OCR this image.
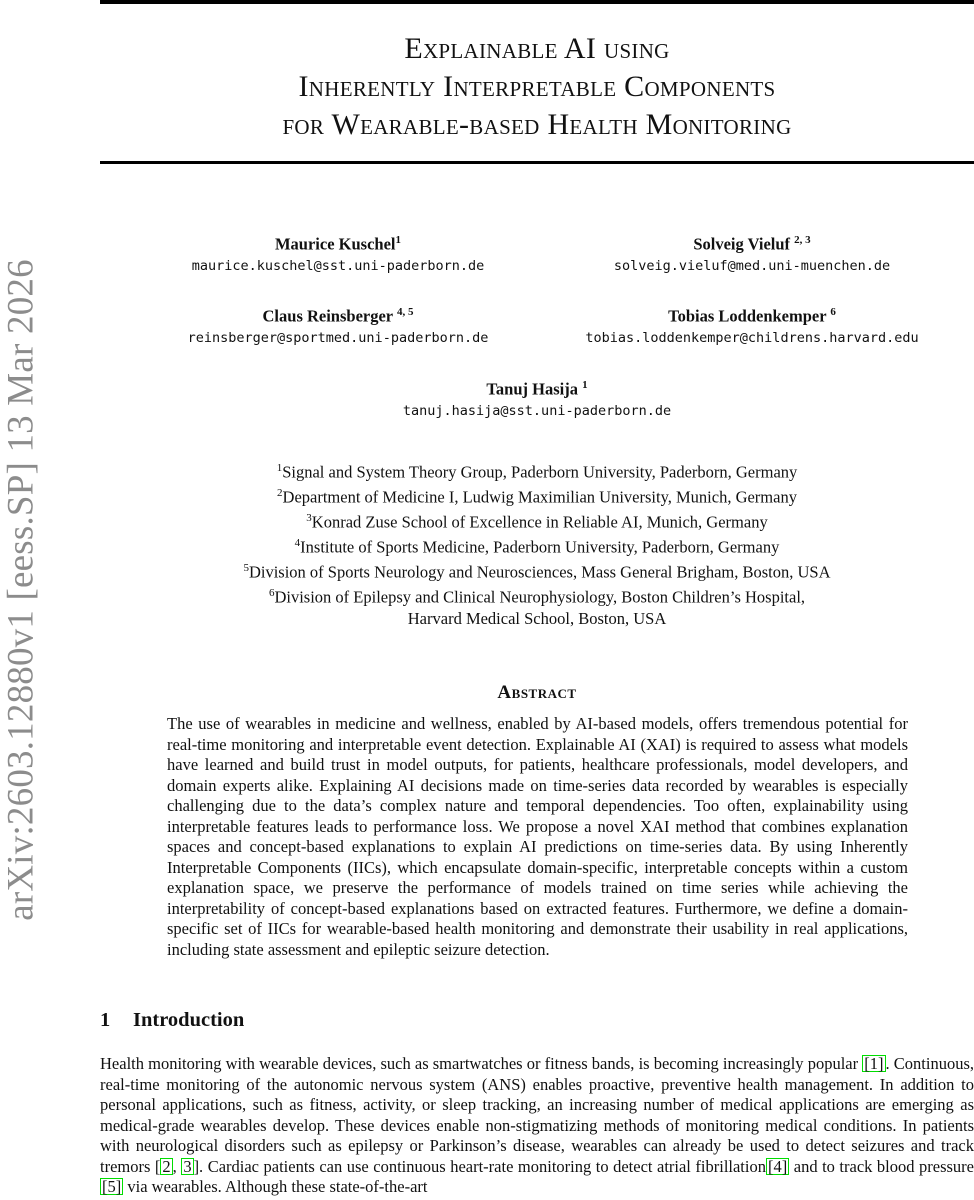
arXiv:2603.12880v1 [eess.SP] 13 Mar 2026
Explainable AI using
Inherently Interpretable Components
for Wearable-based Health Monitoring
Maurice Kuschel$^1$
maurice.kuschel@sst.uni-paderborn.de
Solveig Vieluf $^{2, 3}$
solveig.vieluf@med.uni-muenchen.de
Claus Reinsberger $^{4, 5}$
reinsberger@sportmed.uni-paderborn.de
Tobias Loddenkemper $^6$
tobias.loddenkemper@childrens.harvard.edu
Tanuj Hasija $^1$
tanuj.hasija@sst.uni-paderborn.de
$^1$Signal and System Theory Group, Paderborn University, Paderborn, Germany
$^2$Department of Medicine I, Ludwig Maximilian University, Munich, Germany
$^3$Konrad Zuse School of Excellence in Reliable AI, Munich, Germany
$^4$Institute of Sports Medicine, Paderborn University, Paderborn, Germany
$^5$Division of Sports Neurology and Neurosciences, Mass General Brigham, Boston, USA
$^6$Division of Epilepsy and Clinical Neurophysiology, Boston Children’s Hospital,
Harvard Medical School, Boston, USA
Abstract
The use of wearables in medicine and wellness, enabled by AI-based models, offers tremendous potential for real-time monitoring and interpretable event detection. Explainable AI (XAI) is required to assess what models have learned and build trust in model outputs, for patients, healthcare professionals, model developers, and domain experts alike. Explaining AI decisions made on time-series data recorded by wearables is especially challenging due to the data’s complex nature and temporal dependencies. Too often, explainability using interpretable features leads to performance loss. We propose a novel XAI method that combines explanation spaces and concept-based explanations to explain AI predictions on time-series data. By using Inherently Interpretable Components (IICs), which encapsulate domain-specific, interpretable concepts within a custom explanation space, we preserve the performance of models trained on time series while achieving the interpretability of concept-based explanations based on extracted features. Furthermore, we define a domain-specific set of IICs for wearable-based health monitoring and demonstrate their usability in real applications, including state assessment and epileptic seizure detection.
1 Introduction
Health monitoring with wearable devices, such as smartwatches or fitness bands, is becoming increasingly popular [1] . Continuous, real-time monitoring of the autonomic nervous system (ANS) enables proactive, preventive health management. In addition to personal applications, such as fitness, activity, or sleep tracking, an increasing number of medical applications are emerging as medical-grade wearables develop. These devices enable non-stigmatizing methods of monitoring medical conditions. In patients with neurological disorders such as epilepsy or Parkinson’s disease, wearables can already be used to detect seizures and track tremors [ 2 , 3 ]. Cardiac patients can use continuous heart-rate monitoring to detect atrial fibrillation [4] and to track blood pressure[5] via wearables. Although these state-of-the-art
